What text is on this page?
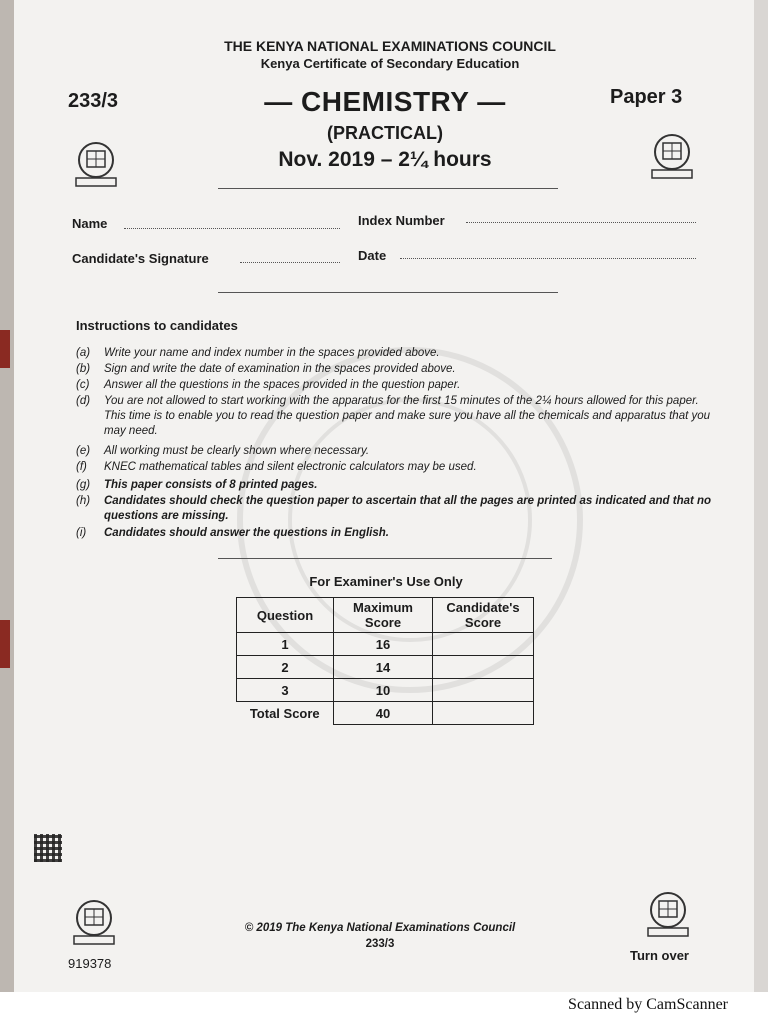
THE KENYA NATIONAL EXAMINATIONS COUNCIL
Kenya Certificate of Secondary Education
233/3	Paper 3
— CHEMISTRY —
(PRACTICAL)
Nov. 2019 – 2¼ hours
Name	Index Number
Candidate's Signature	Date
Instructions to candidates
(a) Write your name and index number in the spaces provided above.
(b) Sign and write the date of examination in the spaces provided above.
(c) Answer all the questions in the spaces provided in the question paper.
(d) You are not allowed to start working with the apparatus for the first 15 minutes of the 2¼ hours allowed for this paper. This time is to enable you to read the question paper and make sure you have all the chemicals and apparatus that you may need.
(e) All working must be clearly shown where necessary.
(f) KNEC mathematical tables and silent electronic calculators may be used.
(g) This paper consists of 8 printed pages.
(h) Candidates should check the question paper to ascertain that all the pages are printed as indicated and that no questions are missing.
(i) Candidates should answer the questions in English.
For Examiner's Use Only
Question	Maximum Score	Candidate's Score
1	16	
2	14	
3	10	
Total Score	40	
© 2019 The Kenya National Examinations Council
233/3
919378
Turn over
Scanned by CamScanner
